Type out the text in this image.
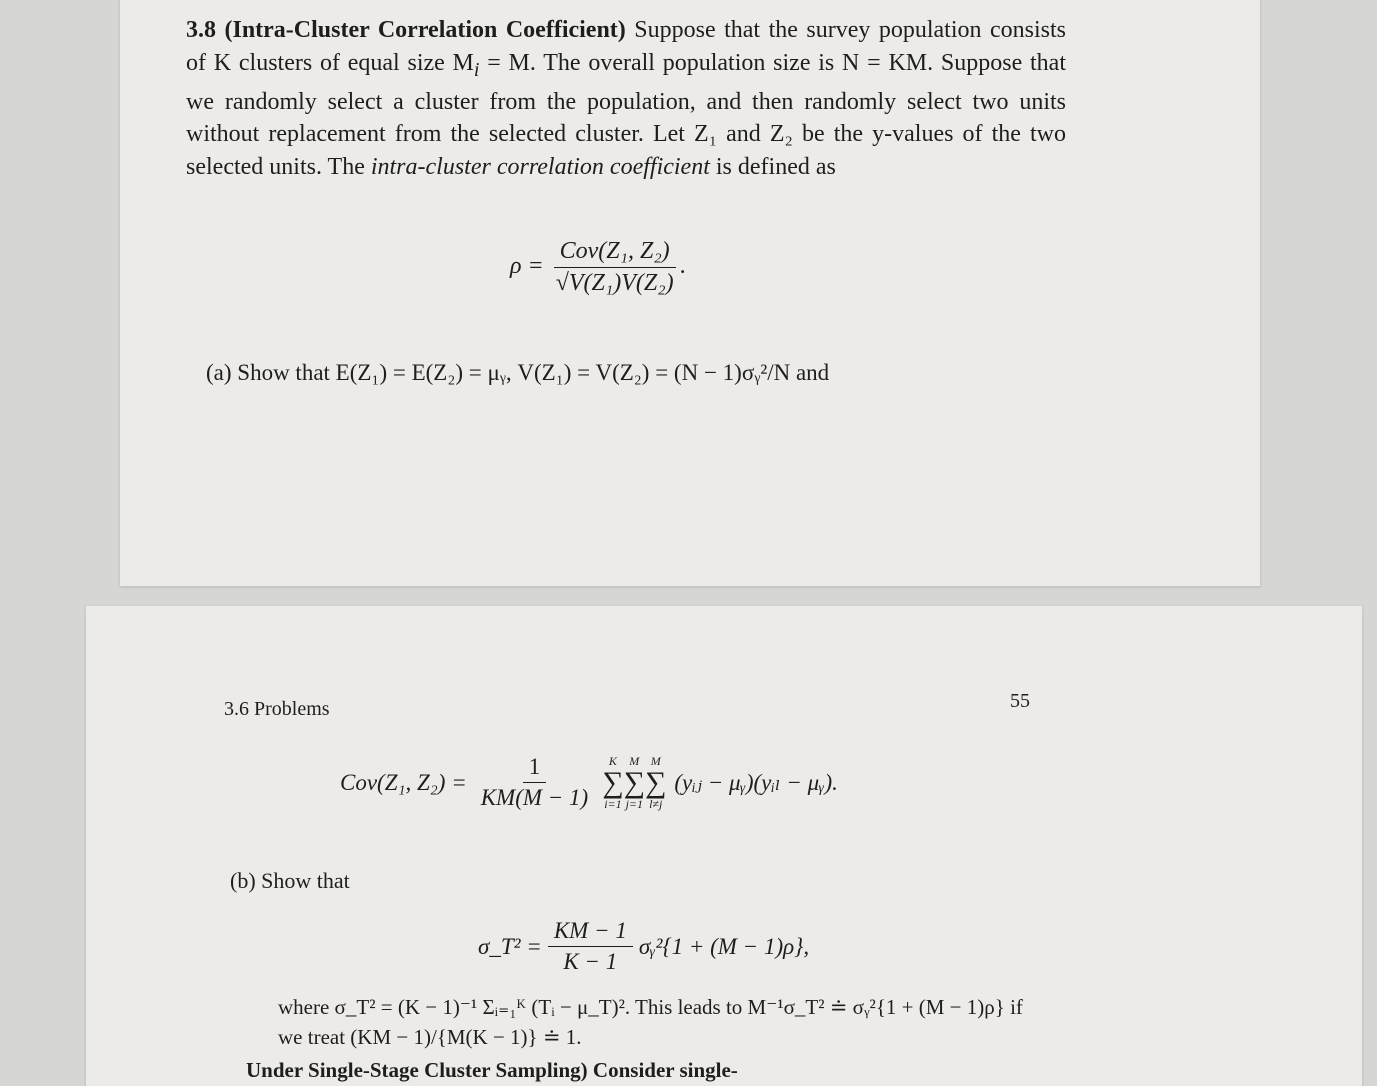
3.8 (Intra-Cluster Correlation Coefficient) Suppose that the survey population consists of K clusters of equal size $M_i = M$. The overall population size is N = KM. Suppose that we randomly select a cluster from the population, and then randomly select two units without replacement from the selected cluster. Let Z₁ and Z₂ be the y-values of the two selected units. The intra-cluster correlation coefficient is defined as
$\rho = \frac{\text{Cov(Z₁, Z₂)}}{\text{√V(Z₁)V(Z₂)}}$ .
(a) Show that E(Z₁) = E(Z₂) = μᵧ, V(Z₁) = V(Z₂) = (N − 1)σᵧ²/N and
3.6 Problems	55
Cov(Z₁, $Z_2) = \frac{1}{KM(M - 1)}$ K
∑
i=1
M
∑
j=1
M
∑
l≠j
(yᵢⱼ − μᵧ)(yᵢₗ − μᵧ).
(b) Show that
σ_T² = $\frac{KM - 1}{K - 1}$ σᵧ²{1 + (M − 1)ρ},
where σ_T² = (K − 1)⁻¹ Σᵢ₌₁ᴷ (Tᵢ − μ_T)². This leads to M⁻¹σ_T² ≐ σᵧ²{1 + (M − 1)ρ} if we treat (KM − 1)/{M(K − 1)} ≐ 1.
Under Single-Stage Cluster Sampling) Consider single-
